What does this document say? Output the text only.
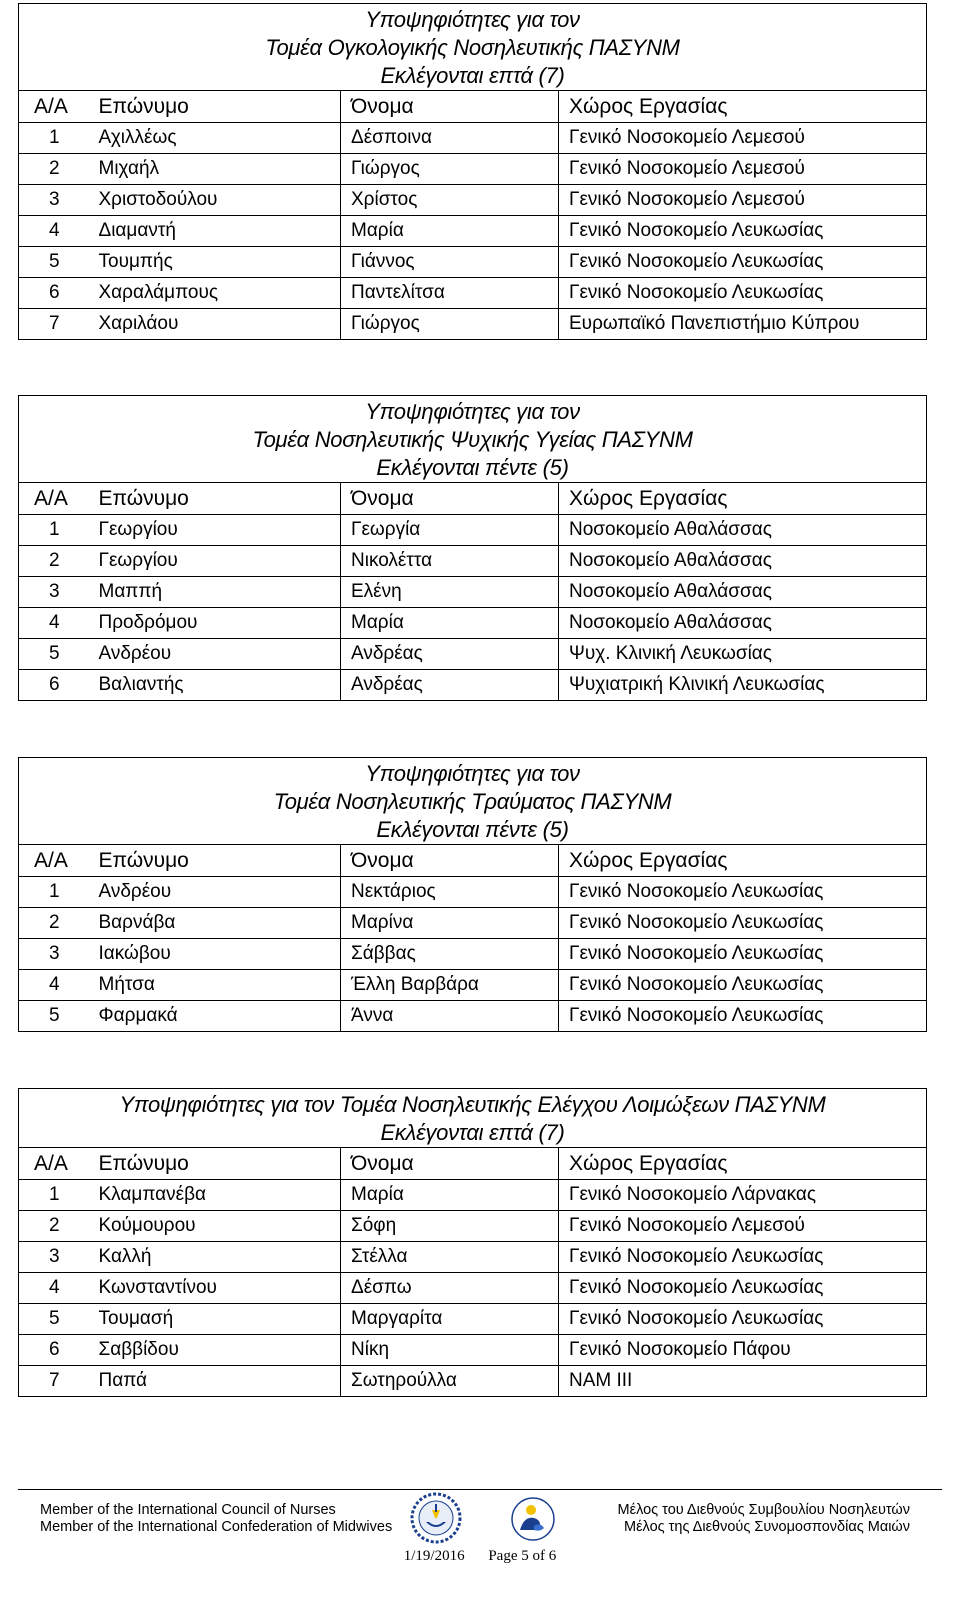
Υποψηφιότητες για τον
Τομέα Ογκολογικής Νοσηλευτικής ΠΑΣΥΝΜ
Εκλέγονται επτά (7)			

Α/Α	Επώνυμο	Όνομα	Χώρος Εργασίας
1	Αχιλλέως	Δέσποινα	Γενικό Νοσοκομείο Λεμεσού
2	Μιχαήλ	Γιώργος	Γενικό Νοσοκομείο Λεμεσού
3	Χριστοδούλου	Χρίστος	Γενικό Νοσοκομείο Λεμεσού
4	Διαμαντή	Μαρία	Γενικό Νοσοκομείο Λευκωσίας
5	Τουμπής	Γιάννος	Γενικό Νοσοκομείο Λευκωσίας
6	Χαραλάμπους	Παντελίτσα	Γενικό Νοσοκομείο Λευκωσίας
7	Χαριλάου	Γιώργος	Ευρωπαϊκό Πανεπιστήμιο Κύπρου
Υποψηφιότητες για τον
Τομέα Νοσηλευτικής Ψυχικής Υγείας ΠΑΣΥΝΜ
Εκλέγονται πέντε (5)			

Α/Α	Επώνυμο	Όνομα	Χώρος Εργασίας
1	Γεωργίου	Γεωργία	Νοσοκομείο Αθαλάσσας
2	Γεωργίου	Νικολέττα	Νοσοκομείο Αθαλάσσας
3	Μαππή	Ελένη	Νοσοκομείο Αθαλάσσας
4	Προδρόμου	Μαρία	Νοσοκομείο Αθαλάσσας
5	Ανδρέου	Ανδρέας	Ψυχ. Κλινική Λευκωσίας
6	Βαλιαντής	Ανδρέας	Ψυχιατρική Κλινική Λευκωσίας
Υποψηφιότητες για τον
Τομέα Νοσηλευτικής Τραύματος ΠΑΣΥΝΜ
Εκλέγονται πέντε (5)			

Α/Α	Επώνυμο	Όνομα	Χώρος Εργασίας
1	Ανδρέου	Νεκτάριος	Γενικό Νοσοκομείο Λευκωσίας
2	Βαρνάβα	Μαρίνα	Γενικό Νοσοκομείο Λευκωσίας
3	Ιακώβου	Σάββας	Γενικό Νοσοκομείο Λευκωσίας
4	Μήτσα	Έλλη Βαρβάρα	Γενικό Νοσοκομείο Λευκωσίας
5	Φαρμακά	Άννα	Γενικό Νοσοκομείο Λευκωσίας
Υποψηφιότητες για τον Τομέα Νοσηλευτικής Ελέγχου Λοιμώξεων ΠΑΣΥΝΜ
Εκλέγονται επτά (7)			

Α/Α	Επώνυμο	Όνομα	Χώρος Εργασίας
1	Κλαμπανέβα	Μαρία	Γενικό Νοσοκομείο Λάρνακας
2	Κούμουρου	Σόφη	Γενικό Νοσοκομείο Λεμεσού
3	Καλλή	Στέλλα	Γενικό Νοσοκομείο Λευκωσίας
4	Κωνσταντίνου	Δέσπω	Γενικό Νοσοκομείο Λευκωσίας
5	Τουμασή	Μαργαρίτα	Γενικό Νοσοκομείο Λευκωσίας
6	Σαββίδου	Νίκη	Γενικό Νοσοκομείο Πάφου
7	Παπά	Σωτηρούλλα	ΝΑΜ ΙΙΙ
Member of the International Council of Nurses
Member of the International Confederation of Midwives
Μέλος του Διεθνούς Συμβουλίου Νοσηλευτών
Μέλος της Διεθνούς Συνομοσπονδίας Μαιών
1/19/2016 Page 5 of 6
